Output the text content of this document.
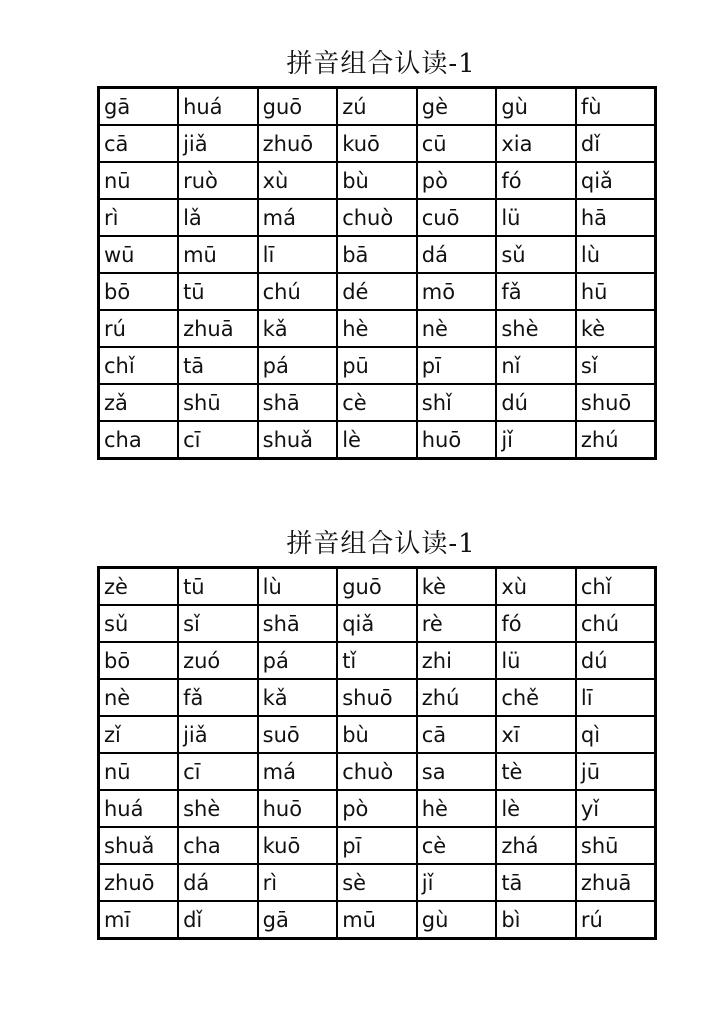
拼音组合认读-1
gā	huá	guō	zú	gè	gù	fù
cā	jiǎ	zhuō	kuō	cū	xia	dǐ
nū	ruò	xù	bù	pò	fó	qiǎ
rì	lǎ	má	chuò	cuō	lü	hā
wū	mū	lī	bā	dá	sǔ	lù
bō	tū	chú	dé	mō	fǎ	hū
rú	zhuā	kǎ	hè	nè	shè	kè
chǐ	tā	pá	pū	pī	nǐ	sǐ
zǎ	shū	shā	cè	shǐ	dú	shuō
cha	cī	shuǎ	lè	huō	jǐ	zhú
拼音组合认读-1
zè	tū	lù	guō	kè	xù	chǐ
sǔ	sǐ	shā	qiǎ	rè	fó	chú
bō	zuó	pá	tǐ	zhi	lü	dú
nè	fǎ	kǎ	shuō	zhú	chě	lī
zǐ	jiǎ	suō	bù	cā	xī	qì
nū	cī	má	chuò	sa	tè	jū
huá	shè	huō	pò	hè	lè	yǐ
shuǎ	cha	kuō	pī	cè	zhá	shū
zhuō	dá	rì	sè	jǐ	tā	zhuā
mī	dǐ	gā	mū	gù	bì	rú
